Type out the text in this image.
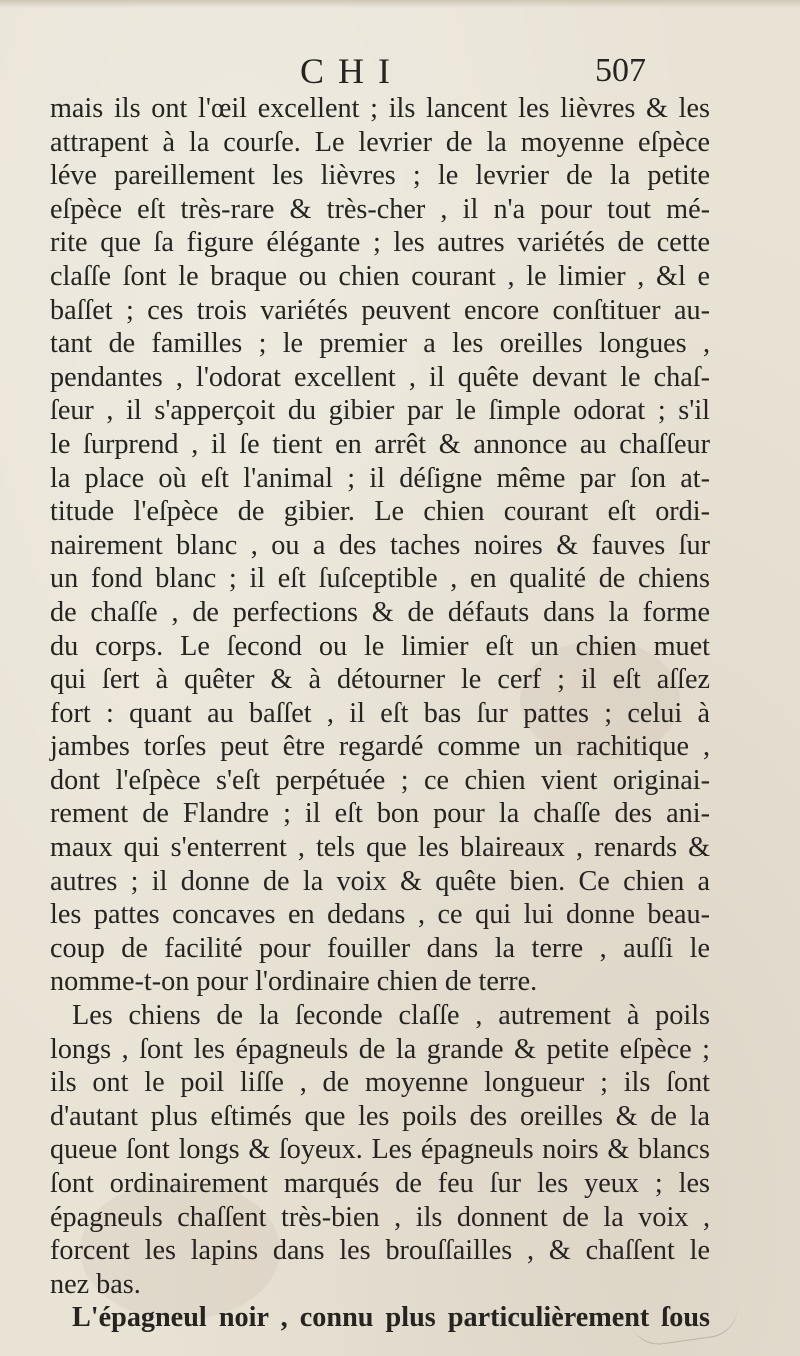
CHI	507
mais ils ont l'œil excellent ; ils lancent les lièvres & les
attrapent à la courſe. Le levrier de la moyenne eſpèce
léve pareillement les lièvres ; le levrier de la petite
eſpèce eſt très-rare & très-cher , il n'a pour tout mé-
rite que ſa figure élégante ; les autres variétés de cette
claſſe ſont le braque ou chien courant , le limier , &l e
baſſet ; ces trois variétés peuvent encore conſtituer au-
tant de familles ; le premier a les oreilles longues ,
pendantes , l'odorat excellent , il quête devant le chaſ-
ſeur , il s'apperçoit du gibier par le ſimple odorat ; s'il
le ſurprend , il ſe tient en arrêt & annonce au chaſſeur
la place où eſt l'animal ; il déſigne même par ſon at-
titude l'eſpèce de gibier. Le chien courant eſt ordi-
nairement blanc , ou a des taches noires & fauves ſur
un fond blanc ; il eſt ſuſceptible , en qualité de chiens
de chaſſe , de perfections & de défauts dans la forme
du corps. Le ſecond ou le limier eſt un chien muet
qui ſert à quêter & à détourner le cerf ; il eſt aſſez
fort : quant au baſſet , il eſt bas ſur pattes ; celui à
jambes torſes peut être regardé comme un rachitique ,
dont l'eſpèce s'eſt perpétuée ; ce chien vient originai-
rement de Flandre ; il eſt bon pour la chaſſe des ani-
maux qui s'enterrent , tels que les blaireaux , renards &
autres ; il donne de la voix & quête bien. Ce chien a
les pattes concaves en dedans , ce qui lui donne beau-
coup de facilité pour fouiller dans la terre , auſſi le
nomme-t-on pour l'ordinaire chien de terre.
Les chiens de la ſeconde claſſe , autrement à poils
longs , ſont les épagneuls de la grande & petite eſpèce ;
ils ont le poil liſſe , de moyenne longueur ; ils ſont
d'autant plus eſtimés que les poils des oreilles & de la
queue ſont longs & ſoyeux. Les épagneuls noirs & blancs
ſont ordinairement marqués de feu ſur les yeux ; les
épagneuls chaſſent très-bien , ils donnent de la voix ,
forcent les lapins dans les brouſſailles , & chaſſent le
nez bas.
L'épagneul noir , connu plus particulièrement ſous
